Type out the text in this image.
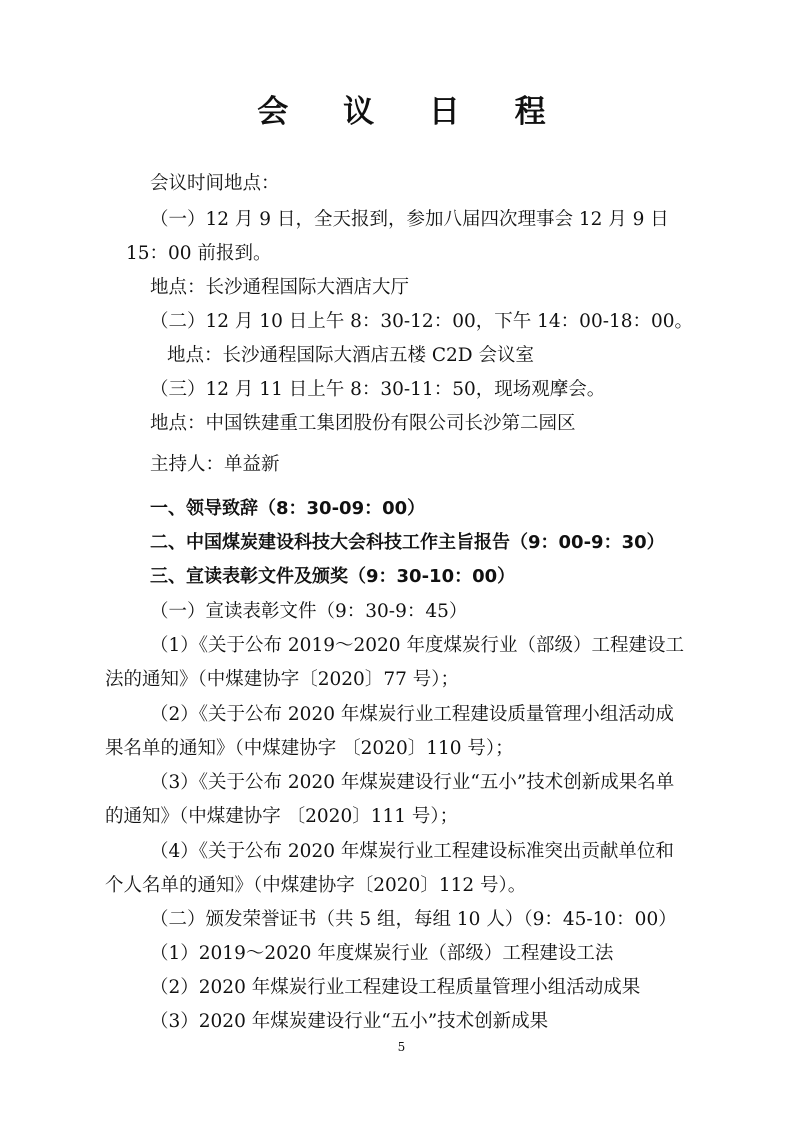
会 议 日 程
会议时间地点：
（一）12 月 9 日，全天报到，参加八届四次理事会 12 月 9 日
15：00 前报到。
地点：长沙通程国际大酒店大厅
（二）12 月 10 日上午 8：30-12：00，下午 14：00-18：00。
地点：长沙通程国际大酒店五楼 C2D 会议室
（三）12 月 11 日上午 8：30-11：50，现场观摩会。
地点：中国铁建重工集团股份有限公司长沙第二园区
主持人：单益新
一、领导致辞（8：30-09：00）
二、中国煤炭建设科技大会科技工作主旨报告（9：00-9：30）
三、宣读表彰文件及颁奖（9：30-10：00）
（一）宣读表彰文件（9：30-9：45）
（1）《关于公布 2019～2020 年度煤炭行业（部级）工程建设工
法的通知》（中煤建协字〔2020〕77 号）；
（2）《关于公布 2020 年煤炭行业工程建设质量管理小组活动成
果名单的通知》（中煤建协字 〔2020〕110 号）；
（3）《关于公布 2020 年煤炭建设行业“五小”技术创新成果名单
的通知》（中煤建协字 〔2020〕111 号）；
（4）《关于公布 2020 年煤炭行业工程建设标准突出贡献单位和
个人名单的通知》（中煤建协字〔2020〕112 号）。
（二）颁发荣誉证书（共 5 组，每组 10 人）（9：45-10：00）
（1）2019～2020 年度煤炭行业（部级）工程建设工法
（2）2020 年煤炭行业工程建设工程质量管理小组活动成果
（3）2020 年煤炭建设行业“五小”技术创新成果
5
